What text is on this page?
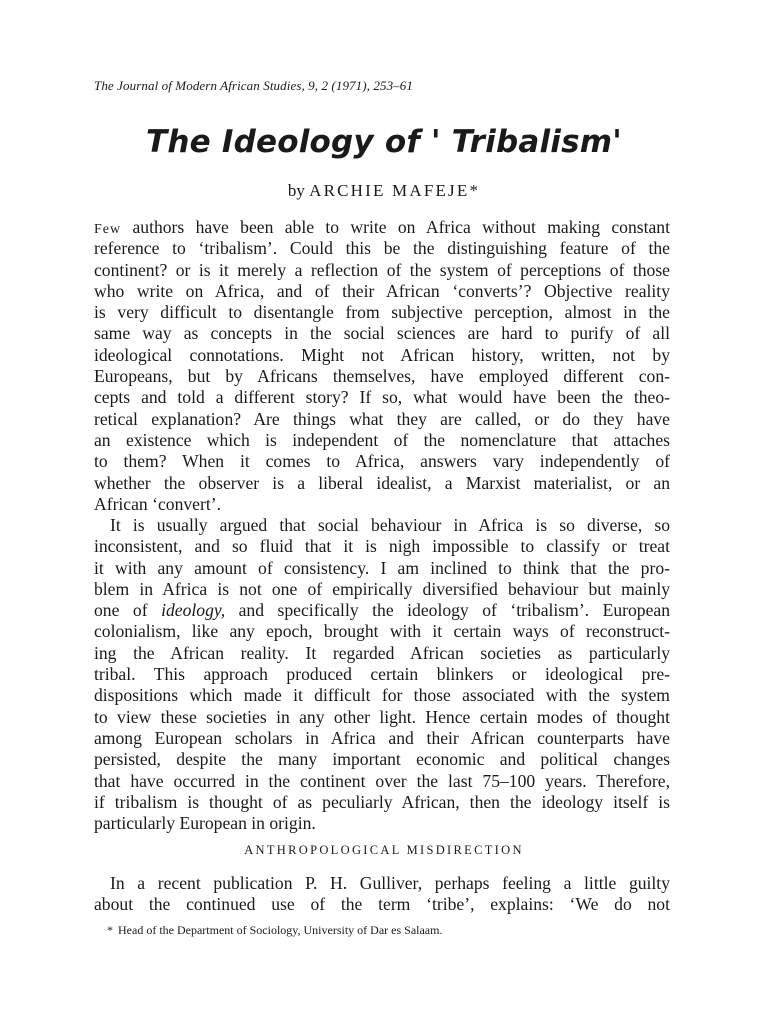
The Journal of Modern African Studies, 9, 2 (1971), 253–61
The Ideology of ' Tribalism'
by ARCHIE MAFEJE*
Few authors have been able to write on Africa without making constant
reference to ‘tribalism’. Could this be the distinguishing feature of the
continent? or is it merely a reflection of the system of perceptions of those
who write on Africa, and of their African ‘converts’? Objective reality
is very difficult to disentangle from subjective perception, almost in the
same way as concepts in the social sciences are hard to purify of all
ideological connotations. Might not African history, written, not by
Europeans, but by Africans themselves, have employed different con-
cepts and told a different story? If so, what would have been the theo-
retical explanation? Are things what they are called, or do they have
an existence which is independent of the nomenclature that attaches
to them? When it comes to Africa, answers vary independently of
whether the observer is a liberal idealist, a Marxist materialist, or an
African ‘convert’.
It is usually argued that social behaviour in Africa is so diverse, so
inconsistent, and so fluid that it is nigh impossible to classify or treat
it with any amount of consistency. I am inclined to think that the pro-
blem in Africa is not one of empirically diversified behaviour but mainly
one of ideology, and specifically the ideology of ‘tribalism’. European
colonialism, like any epoch, brought with it certain ways of reconstruct-
ing the African reality. It regarded African societies as particularly
tribal. This approach produced certain blinkers or ideological pre-
dispositions which made it difficult for those associated with the system
to view these societies in any other light. Hence certain modes of thought
among European scholars in Africa and their African counterparts have
persisted, despite the many important economic and political changes
that have occurred in the continent over the last 75–100 years. Therefore,
if tribalism is thought of as peculiarly African, then the ideology itself is
particularly European in origin.
ANTHROPOLOGICAL MISDIRECTION
In a recent publication P. H. Gulliver, perhaps feeling a little guilty
about the continued use of the term ‘tribe’, explains: ‘We do not
* Head of the Department of Sociology, University of Dar es Salaam.
